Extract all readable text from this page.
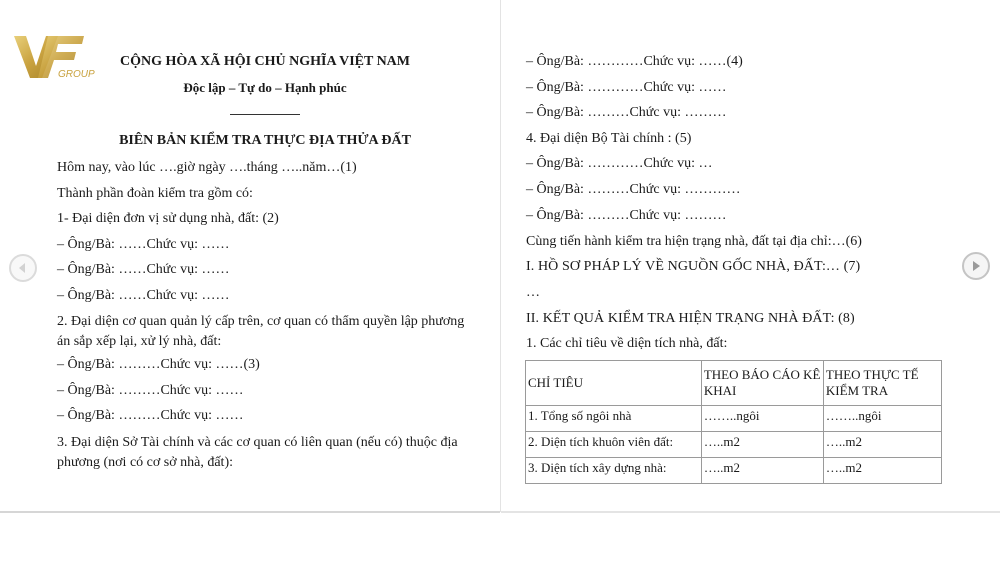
VF
GROUP
CỘNG HÒA XÃ HỘI CHỦ NGHĨA VIỆT NAM
Độc lập – Tự do – Hạnh phúc
BIÊN BẢN KIỂM TRA THỰC ĐỊA THỬA ĐẤT
Hôm nay, vào lúc ….giờ ngày ….tháng …..năm…(1)
Thành phần đoàn kiểm tra gồm có:
1- Đại diện đơn vị sử dụng nhà, đất: (2)
– Ông/Bà: ……Chức vụ: ……
– Ông/Bà: ……Chức vụ: ……
– Ông/Bà: ……Chức vụ: ……
2. Đại diện cơ quan quản lý cấp trên, cơ quan có thẩm quyền lập phương án sắp xếp lại, xử lý nhà, đất:
– Ông/Bà: ………Chức vụ: ……(3)
– Ông/Bà: ………Chức vụ: ……
– Ông/Bà: ………Chức vụ: ……
3. Đại diện Sở Tài chính và các cơ quan có liên quan (nếu có) thuộc địa phương (nơi có cơ sở nhà, đất):
– Ông/Bà: …………Chức vụ: ……(4)
– Ông/Bà: …………Chức vụ: ……
– Ông/Bà: ………Chức vụ: ………
4. Đại diện Bộ Tài chính : (5)
– Ông/Bà: …………Chức vụ: …
– Ông/Bà: ………Chức vụ: …………
– Ông/Bà: ………Chức vụ: ………
Cùng tiến hành kiểm tra hiện trạng nhà, đất tại địa chỉ:…(6)
I. HỒ SƠ PHÁP LÝ VỀ NGUỒN GỐC NHÀ, ĐẤT:… (7)
…
II. KẾT QUẢ KIỂM TRA HIỆN TRẠNG NHÀ ĐẤT: (8)
1. Các chỉ tiêu về diện tích nhà, đất:
CHỈ TIÊU	THEO BÁO CÁO KÊ KHAI	THEO THỰC TẾ KIỂM TRA
1. Tổng số ngôi nhà	……..ngôi	……..ngôi
2. Diện tích khuôn viên đất:	…..m2	…..m2
3. Diện tích xây dựng nhà:	…..m2	…..m2
